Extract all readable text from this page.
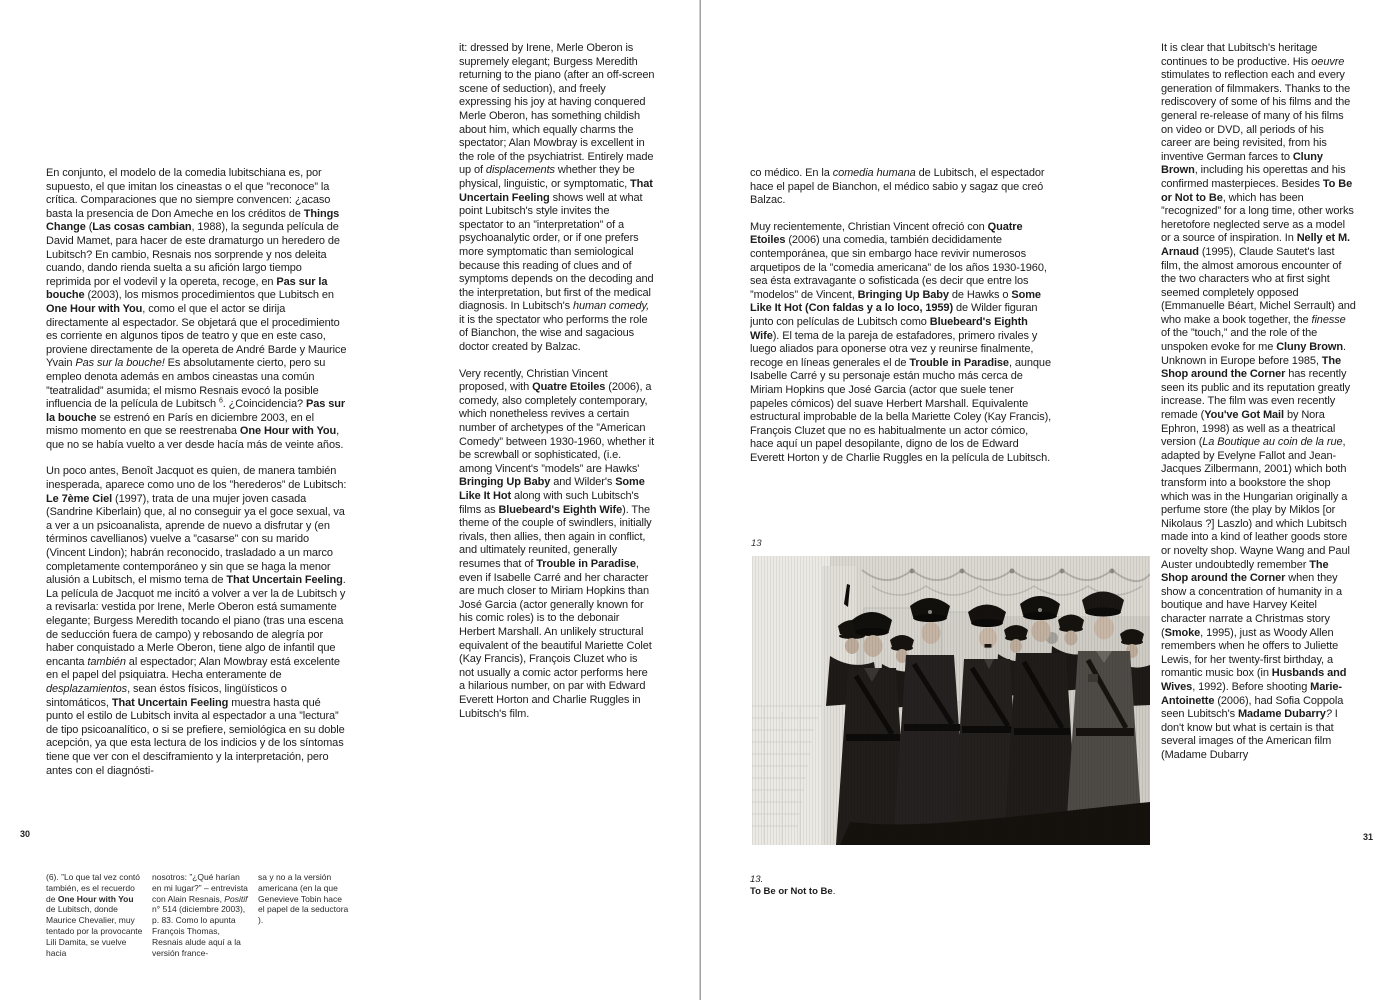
30

En conjunto, el modelo de la comedia lubitschiana es, por supuesto, el que imitan los cineastas o el que ”reconoce” la crítica. Comparaciones que no siempre convencen: ¿acaso basta la presencia de Don Ameche en los créditos de Things Change (Las cosas cambian, 1988), la segunda película de David Mamet, para hacer de este dramaturgo un heredero de Lubitsch? En cambio, Resnais nos sorprende y nos deleita cuando, dando rienda suelta a su afición largo tiempo reprimida por el vodevil y la opereta, recoge, en Pas sur la bouche (2003), los mismos procedimientos que Lubitsch en One Hour with You, como el que el actor se dirija directamente al espectador. Se objetará que el procedimiento es corriente en algunos tipos de teatro y que en este caso, proviene directamente de la opereta de André Barde y Maurice Yvain Pas sur la bouche! Es absolutamente cierto, pero su empleo denota además en ambos cineastas una común ”teatralidad” asumida; el mismo Resnais evocó la posible influencia de la película de Lubitsch $^6$. ¿Coincidencia? Pas sur la bouche se estrenó en París en diciembre 2003, en el mismo momento en que se reestrenaba One Hour with You, que no se había vuelto a ver desde hacía más de veinte años.

Un poco antes, Benoît Jacquot es quien, de manera también inesperada, aparece como uno de los ”herederos” de Lubitsch: Le 7ème Ciel (1997), trata de una mujer joven casada (Sandrine Kiberlain) que, al no conseguir ya el goce sexual, va a ver a un psicoanalista, aprende de nuevo a disfrutar y (en términos cavellianos) vuelve a ”casarse” con su marido (Vincent Lindon); habrán reconocido, trasladado a un marco completamente contemporáneo y sin que se haga la menor alusión a Lubitsch, el mismo tema de That Uncertain Feeling. La película de Jacquot me incitó a volver a ver la de Lubitsch y a revisarla: vestida por Irene, Merle Oberon está sumamente elegante; Burgess Meredith tocando el piano (tras una escena de seducción fuera de campo) y rebosando de alegría por haber conquistado a Merle Oberon, tiene algo de infantil que encanta también al espectador; Alan Mowbray está excelente en el papel del psiquiatra. Hecha enteramente de desplazamientos, sean éstos físicos, lingüísticos o sintomáticos, That Uncertain Feeling muestra hasta qué punto el estilo de Lubitsch invita al espectador a una ”lectura” de tipo psicoanalítico, o si se prefiere, semiológica en su doble acepción, ya que esta lectura de los indicios y de los síntomas tiene que ver con el desciframiento y la interpretación, pero antes con el diagnósti-

it: dressed by Irene, Merle Oberon is supremely elegant; Burgess Meredith returning to the piano (after an off-screen scene of seduction), and freely expressing his joy at having conquered Merle Oberon, has something childish about him, which equally charms the spectator; Alan Mowbray is excellent in the role of the psychiatrist. Entirely made up of displacements whether they be physical, linguistic, or symptomatic, That Uncertain Feeling shows well at what point Lubitsch's style invites the spectator to an ”interpretation” of a psychoanalytic order, or if one prefers more symptomatic than semiological because this reading of clues and of symptoms depends on the decoding and the interpretation, but first of the medical diagnosis. In Lubitsch's human comedy, it is the spectator who performs the role of Bianchon, the wise and sagacious doctor created by Balzac.

Very recently, Christian Vincent proposed, with Quatre Etoiles (2006), a comedy, also completely contemporary, which nonetheless revives a certain number of archetypes of the ”American Comedy” between 1930-1960, whether it be screwball or sophisticated, (i.e. among Vincent's ”models” are Hawks' Bringing Up Baby and Wilder's Some Like It Hot along with such Lubitsch's films as Bluebeard's Eighth Wife). The theme of the couple of swindlers, initially rivals, then allies, then again in conflict, and ultimately reunited, generally resumes that of Trouble in Paradise, even if Isabelle Carré and her character are much closer to Miriam Hopkins than José Garcia (actor generally known for his comic roles) is to the debonair Herbert Marshall. An unlikely structural equivalent of the beautiful Mariette Colet (Kay Francis), François Cluzet who is not usually a comic actor performs here a hilarious number, on par with Edward Everett Horton and Charlie Ruggles in Lubitsch's film.

(6). ”Lo que tal vez contó también, es el recuerdo de One Hour with You de Lubitsch, donde Maurice Chevalier, muy tentado por la provocante Lili Damita, se vuelve hacia
nosotros: ”¿Qué harían en mi lugar?” – entrevista con Alain Resnais, Positif n° 514 (diciembre 2003), p. 83. Como lo apunta François Thomas, Resnais alude aquí a la versión france-
sa y no a la versión americana (en la que Genevieve Tobin hace el papel de la seductora ).

co médico. En la comedia humana de Lubitsch, el espectador hace el papel de Bianchon, el médico sabio y sagaz que creó Balzac.

Muy recientemente, Christian Vincent ofreció con Quatre Etoiles (2006) una comedia, también decididamente contemporánea, que sin embargo hace revivir numerosos arquetipos de la ”comedia americana” de los años 1930-1960, sea ésta extravagante o sofisticada (es decir que entre los ”modelos” de Vincent, Bringing Up Baby de Hawks o Some Like It Hot (Con faldas y a lo loco, 1959) de Wilder figuran junto con películas de Lubitsch como Bluebeard's Eighth Wife). El tema de la pareja de estafadores, primero rivales y luego aliados para oponerse otra vez y reunirse finalmente, recoge en líneas generales el de Trouble in Paradise, aunque Isabelle Carré y su personaje están mucho más cerca de Miriam Hopkins que José Garcia (actor que suele tener papeles cómicos) del suave Herbert Marshall. Equivalente estructural improbable de la bella Mariette Coley (Kay Francis), François Cluzet que no es habitualmente un actor cómico, hace aquí un papel desopilante, digno de los de Edward Everett Horton y de Charlie Ruggles en la película de Lubitsch.

13
13.
To Be or Not to Be.

It is clear that Lubitsch's heritage continues to be productive. His oeuvre stimulates to reflection each and every generation of filmmakers. Thanks to the rediscovery of some of his films and the general re-release of many of his films on video or DVD, all periods of his career are being revisited, from his inventive German farces to Cluny Brown, including his operettas and his confirmed masterpieces. Besides To Be or Not to Be, which has been ”recognized” for a long time, other works heretofore neglected serve as a model or a source of inspiration. In Nelly et M. Arnaud (1995), Claude Sautet's last film, the almost amorous encounter of the two characters who at first sight seemed completely opposed (Emmanuelle Béart, Michel Serrault) and who make a book together, the finesse of the ”touch,” and the role of the unspoken evoke for me Cluny Brown. Unknown in Europe before 1985, The Shop around the Corner has recently seen its public and its reputation greatly increase. The film was even recently remade (You've Got Mail by Nora Ephron, 1998) as well as a theatrical version (La Boutique au coin de la rue, adapted by Evelyne Fallot and Jean-Jacques Zilbermann, 2001) which both transform into a bookstore the shop which was in the Hungarian originally a perfume store (the play by Miklos [or Nikolaus ?] Laszlo) and which Lubitsch made into a kind of leather goods store or novelty shop. Wayne Wang and Paul Auster undoubtedly remember The Shop around the Corner when they show a concentration of humanity in a boutique and have Harvey Keitel character narrate a Christmas story (Smoke, 1995), just as Woody Allen remembers when he offers to Juliette Lewis, for her twenty-first birthday, a romantic music box (in Husbands and Wives, 1992). Before shooting Marie-Antoinette (2006), had Sofia Coppola seen Lubitsch's Madame Dubarry? I don't know but what is certain is that several images of the American film (Madame Dubarry

31
